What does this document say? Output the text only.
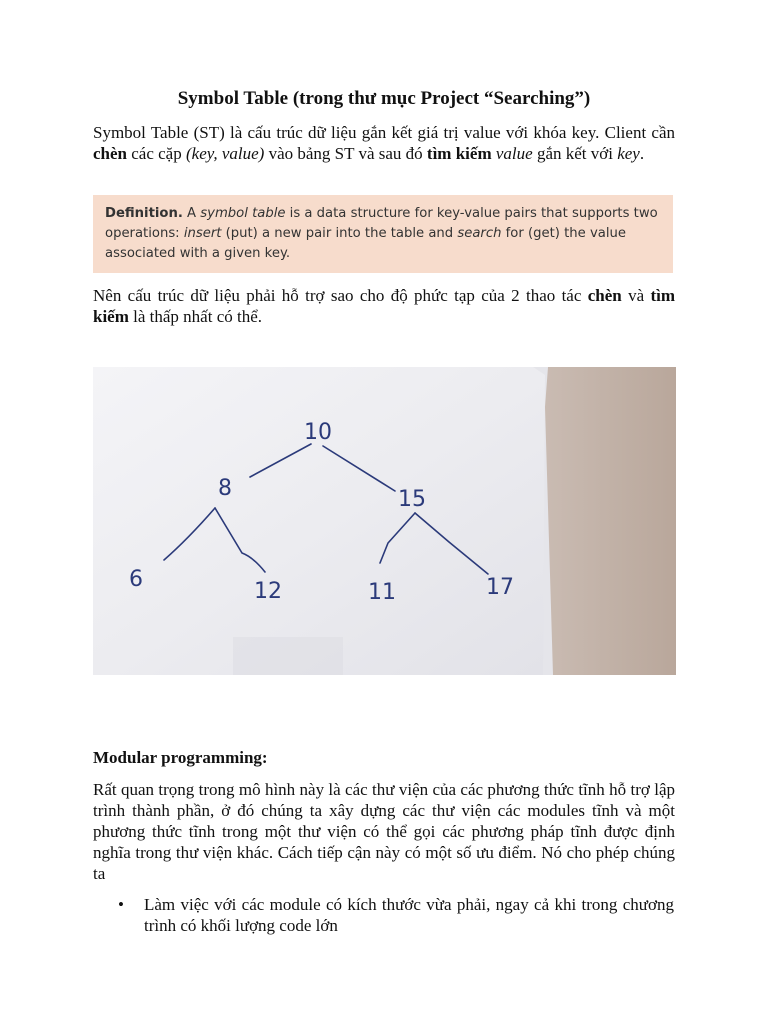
Symbol Table (trong thư mục Project “Searching”)
Symbol Table (ST) là cấu trúc dữ liệu gắn kết giá trị value với khóa key. Client cần chèn các cặp (key, value) vào bảng ST và sau đó tìm kiếm value gắn kết với key.
Definition. A symbol table is a data structure for key-value pairs that supports two operations: insert (put) a new pair into the table and search for (get) the value associated with a given key.
Nên cấu trúc dữ liệu phải hỗ trợ sao cho độ phức tạp của 2 thao tác chèn và tìm kiếm là thấp nhất có thể.
10
8	15
6	12	11	17
Modular programming:
Rất quan trọng trong mô hình này là các thư viện của các phương thức tĩnh hỗ trợ lập trình thành phần, ở đó chúng ta xây dựng các thư viện các modules tĩnh và một phương thức tĩnh trong một thư viện có thể gọi các phương pháp tĩnh được định nghĩa trong thư viện khác. Cách tiếp cận này có một số ưu điểm. Nó cho phép chúng ta
• Làm việc với các module có kích thước vừa phải, ngay cả khi trong chương trình có khối lượng code lớn
